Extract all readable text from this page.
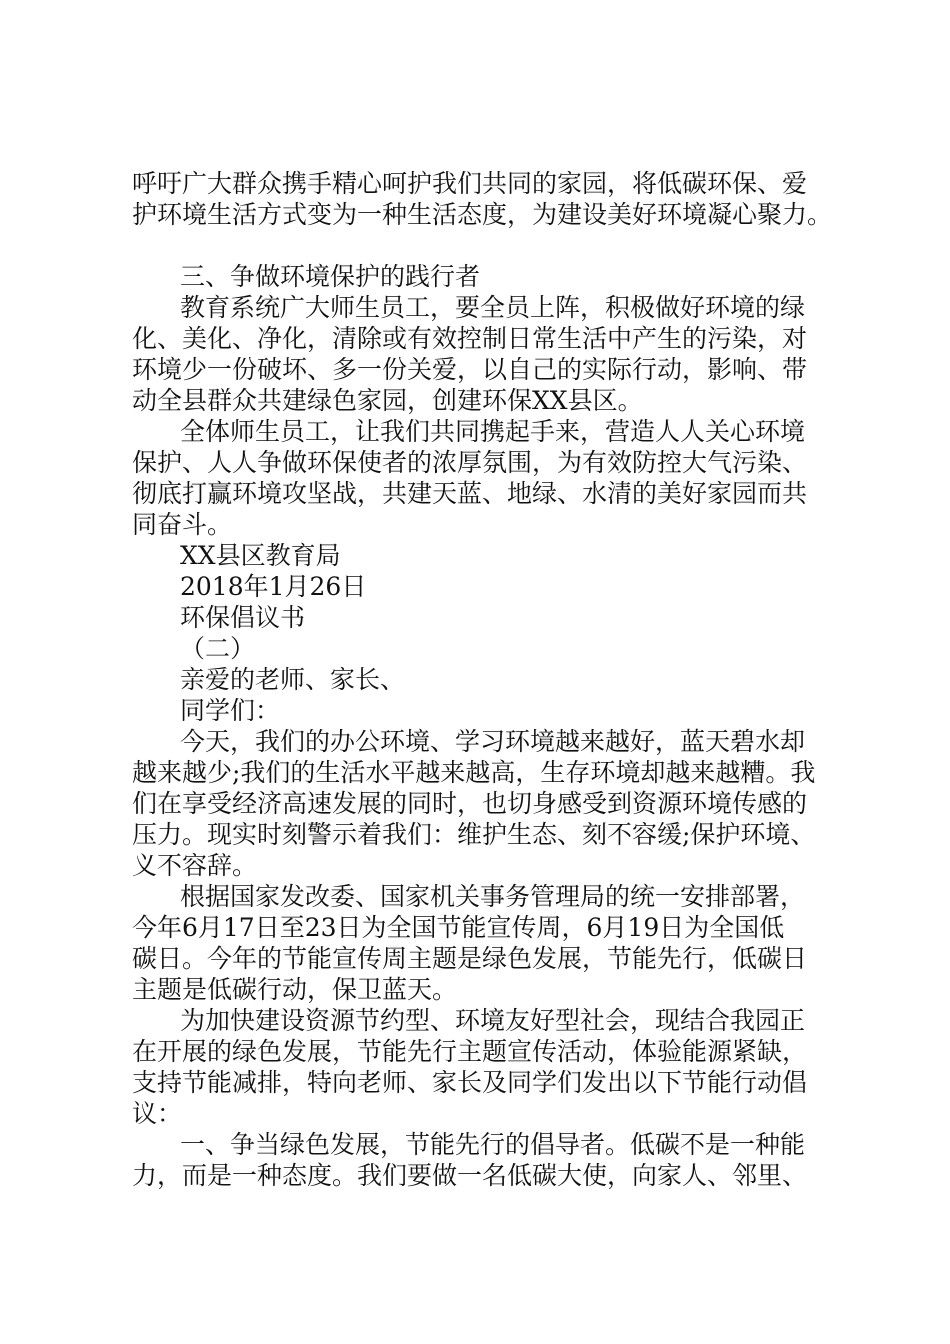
呼吁广大群众携手精心呵护我们共同的家园，将低碳环保、爱

护环境生活方式变为一种生活态度，为建设美好环境凝心聚力。

三、争做环境保护的践行者

教育系统广大师生员工，要全员上阵，积极做好环境的绿

化、美化、净化，清除或有效控制日常生活中产生的污染，对

环境少一份破坏、多一份关爱，以自己的实际行动，影响、带

动全县群众共建绿色家园，创建环保XX县区。

全体师生员工，让我们共同携起手来，营造人人关心环境

保护、人人争做环保使者的浓厚氛围，为有效防控大气污染、

彻底打赢环境攻坚战，共建天蓝、地绿、水清的美好家园而共

同奋斗。

XX县区教育局

2018年1月26日

环保倡议书

（二）

亲爱的老师、家长、

同学们：

今天，我们的办公环境、学习环境越来越好，蓝天碧水却

越来越少;我们的生活水平越来越高，生存环境却越来越糟。我

们在享受经济高速发展的同时，也切身感受到资源环境传感的

压力。现实时刻警示着我们：维护生态、刻不容缓;保护环境、

义不容辞。

根据国家发改委、国家机关事务管理局的统一安排部署，

今年6月17日至23日为全国节能宣传周，6月19日为全国低

碳日。今年的节能宣传周主题是绿色发展，节能先行，低碳日

主题是低碳行动，保卫蓝天。

为加快建设资源节约型、环境友好型社会，现结合我园正

在开展的绿色发展，节能先行主题宣传活动，体验能源紧缺，

支持节能减排，特向老师、家长及同学们发出以下节能行动倡

议：

一、争当绿色发展，节能先行的倡导者。低碳不是一种能

力，而是一种态度。我们要做一名低碳大使，向家人、邻里、
